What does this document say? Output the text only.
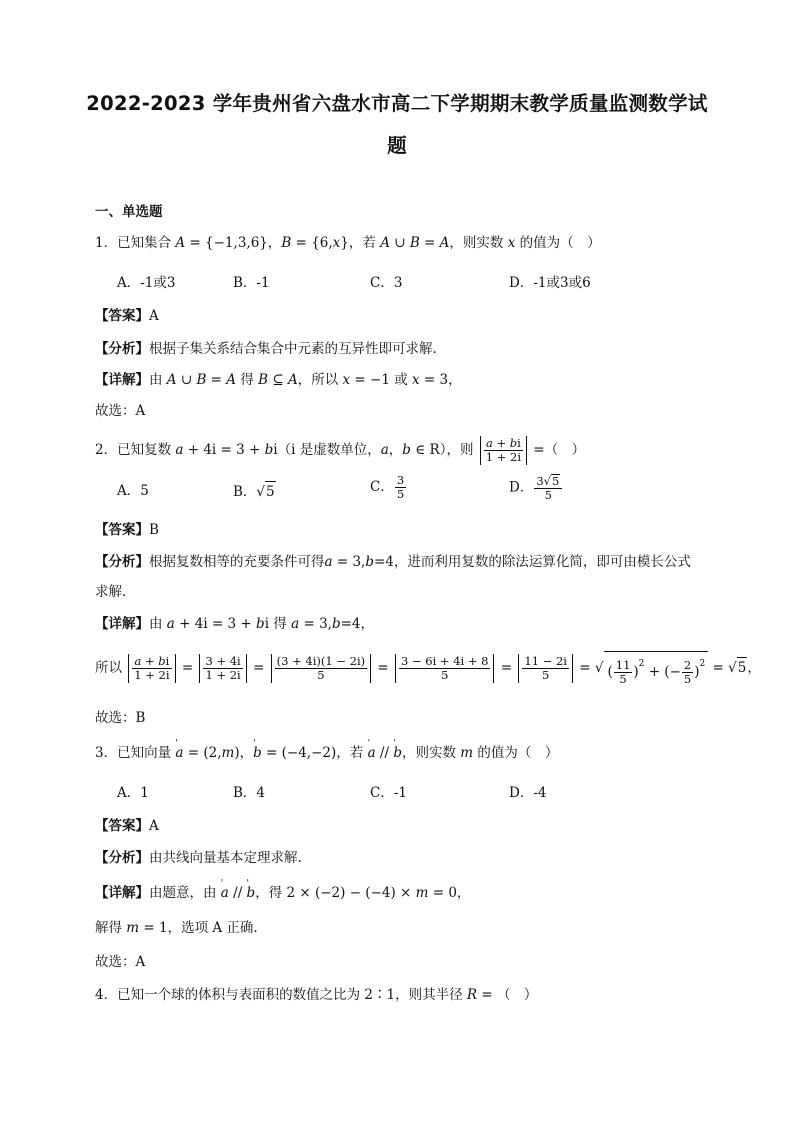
2022-2023 学年贵州省六盘水市高二下学期期末教学质量监测数学试
题
一、单选题
1．已知集合 A = {−1,3,6}，B = {6,x}，若 A ∪ B = A，则实数 x 的值为（　）
A．-1或3	B．-1	C．3	D．-1或3或6
【答案】A
【分析】根据子集关系结合集合中元素的互异性即可求解.
【详解】由 A ∪ B = A 得 B ⊆ A，所以 x = −1 或 x = 3，
故选：A
2．已知复数 a + 4i = 3 + bi（i 是虚数单位，a，b ∈ R），则 $\frac{a + bi}{1 + 2i}$ =（　）
A．5	B．√5	C． $\frac{3}{5}$	D． $\frac{3√5}{5}$
【答案】B
【分析】根据复数相等的充要条件可得a = 3,b=4，进而利用复数的除法运算化简，即可由模长公式
求解.
【详解】由 a + 4i = 3 + bi 得 a = 3,b=4，
所以 $\frac{a + bi}{1 + 2i} = \frac{3 + 4i}{1 + 2i} = \frac{(3 + 4i)(1 - 2i)}{5} = \frac{3 - 6i + 4i + 8}{5} = \frac{11 - 2i}{5}$ = √ ( $\frac{11}{5} )^2$ + (− $\frac{2}{5} )^2 = √5$，
故选：B
3．已知向量 ' a = (2,m)，' b = (−4,−2)，若 ' a // ' b，则实数 m 的值为（　）
A．1	B．4	C．-1	D．-4
【答案】A
【分析】由共线向量基本定理求解.
【详解】由题意，由 ' a // ' b，得 2 × (−2) − (−4) × m = 0，
解得 m = 1，选项 A 正确.
故选：A
4．已知一个球的体积与表面积的数值之比为 2∶1，则其半径 R = （　）
